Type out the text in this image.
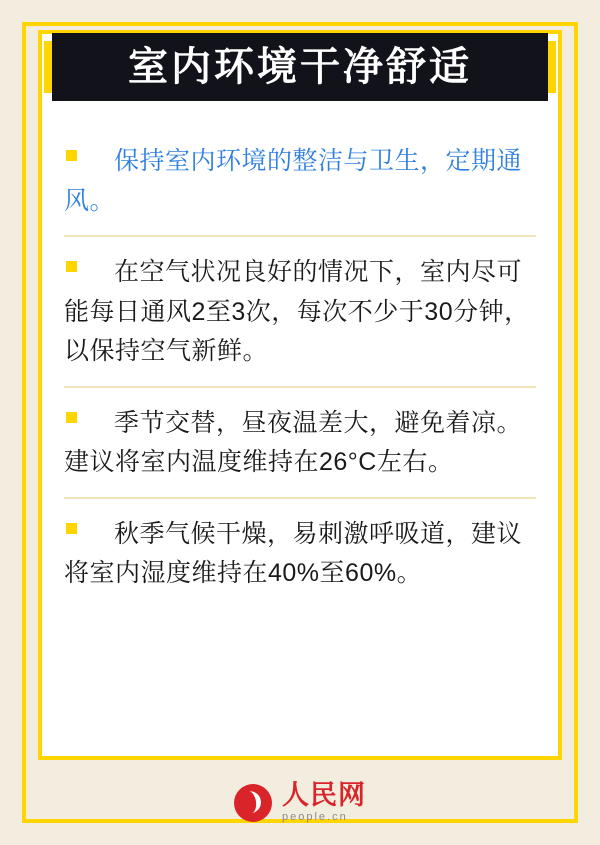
室内环境干净舒适
保持室内环境的整洁与卫生，定期通风。
在空气状况良好的情况下，室内尽可能每日通风2至3次，每次不少于30分钟，以保持空气新鲜。
季节交替，昼夜温差大，避免着凉。建议将室内温度维持在26°C左右。
秋季气候干燥，易刺激呼吸道，建议将室内湿度维持在40%至60%。
人民网
people.cn
